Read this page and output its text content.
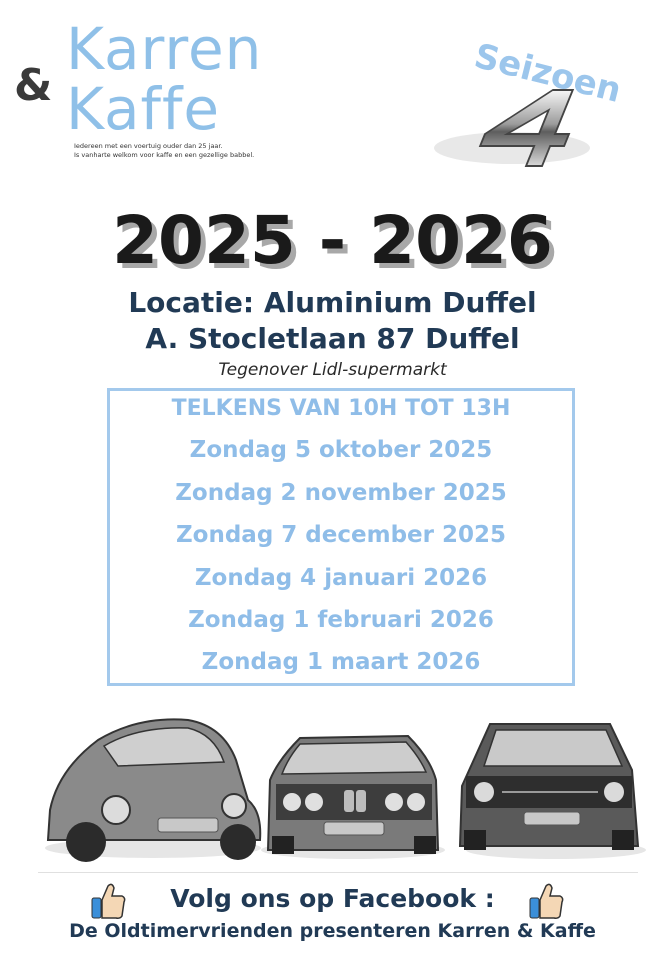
&
Karren
Kaffe
Iedereen met een voertuig ouder dan 25 jaar.
Is vanharte welkom voor kaffe en een gezellige babbel.
Seizoen
4
2025 - 2026
Locatie: Aluminium Duffel
A. Stocletlaan 87 Duffel
Tegenover Lidl-supermarkt
TELKENS VAN 10H TOT 13H
Zondag 5 oktober 2025
Zondag 2 november 2025
Zondag 7 december 2025
Zondag 4 januari 2026
Zondag 1 februari 2026
Zondag 1 maart 2026
Volg ons op Facebook :
De Oldtimervrienden presenteren Karren & Kaffe
